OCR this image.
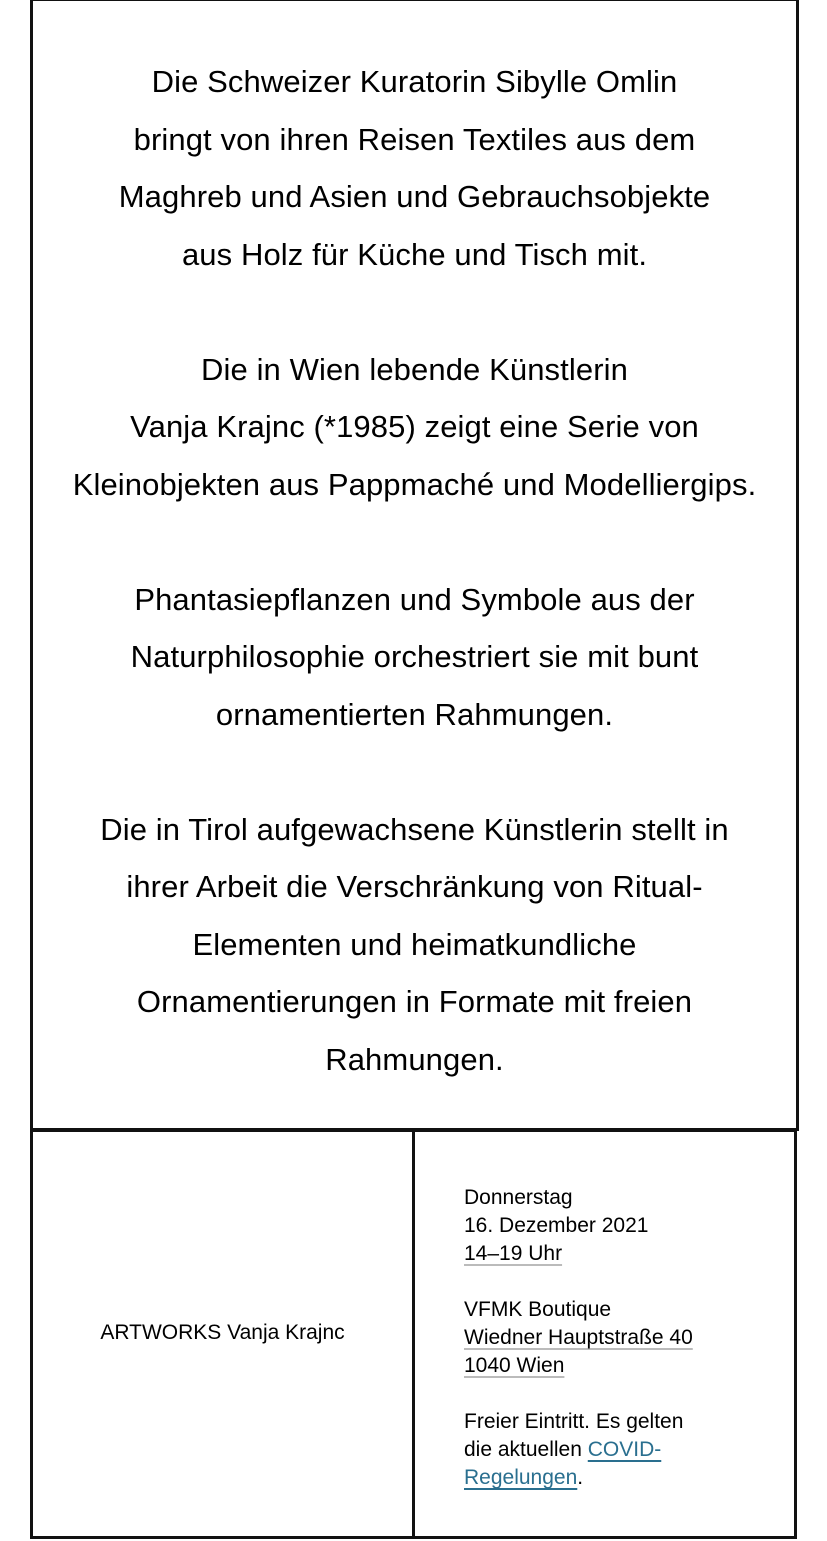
Die Schweizer Kuratorin Sibylle Omlin
bringt von ihren Reisen Textiles aus dem
Maghreb und Asien und Gebrauchsobjekte
aus Holz für Küche und Tisch mit.

Die in Wien lebende Künstlerin
Vanja Krajnc (*1985) zeigt eine Serie von
Kleinobjekten aus Pappmaché und Modelliergips.

Phantasiepflanzen und Symbole aus der
Naturphilosophie orchestriert sie mit bunt
ornamentierten Rahmungen.

Die in Tirol aufgewachsene Künstlerin stellt in
ihrer Arbeit die Verschränkung von Ritual-
Elementen und heimatkundliche
Ornamentierungen in Formate mit freien
Rahmungen.

ARTWORKS Vanja Krajnc
Donnerstag
16. Dezember 2021
14–19 Uhr
VFMK Boutique
Wiedner Hauptstraße 40
1040 Wien
Freier Eintritt. Es gelten
die aktuellen COVID-
Regelungen.
